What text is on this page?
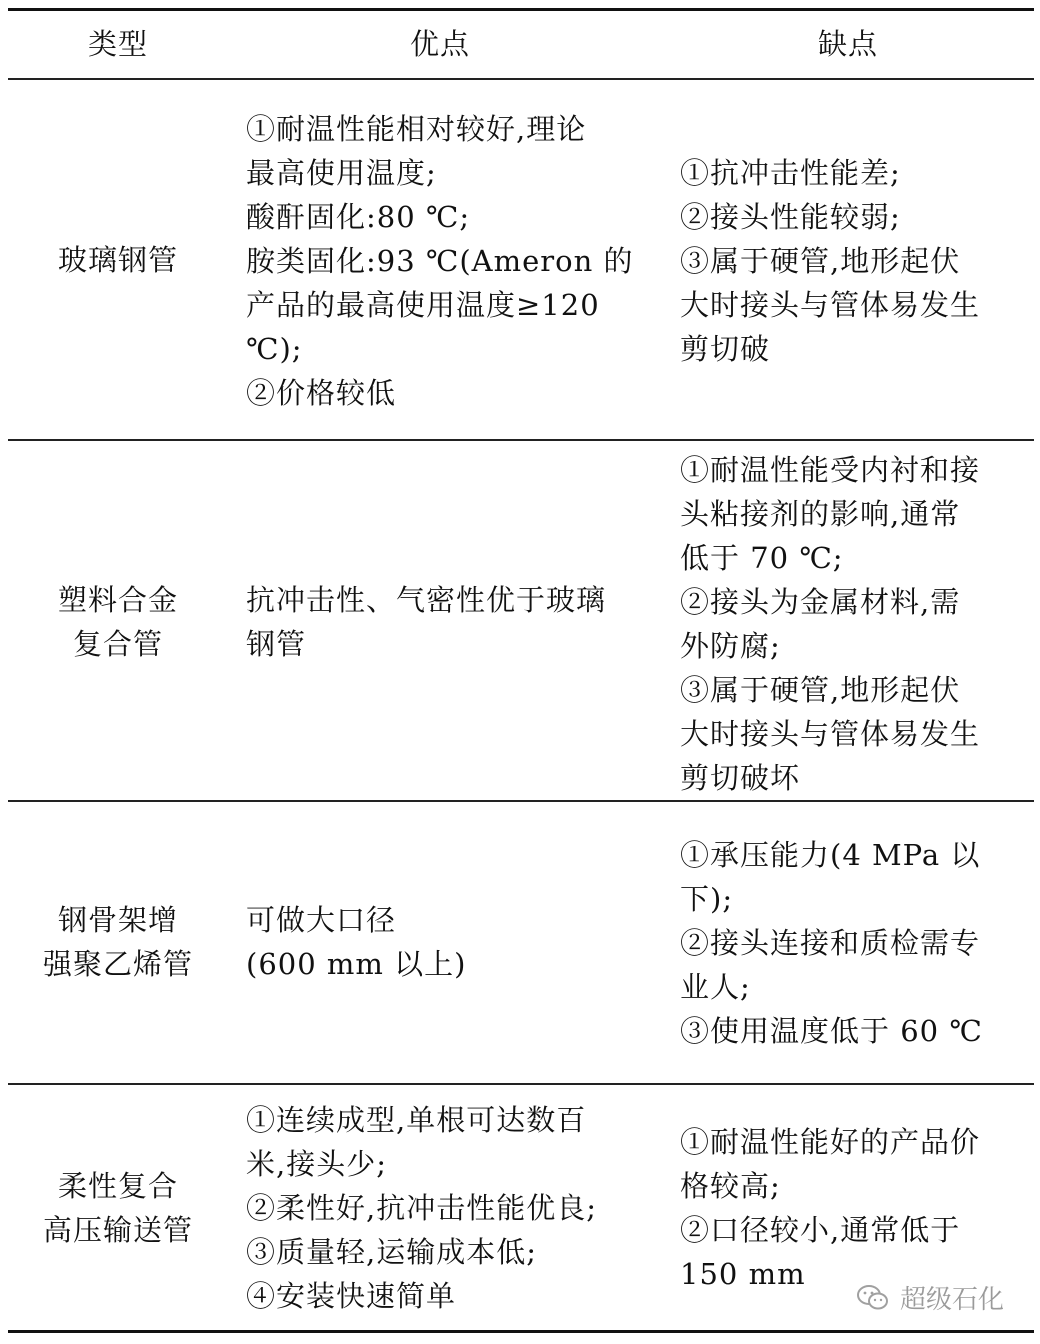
类型	优点	缺点
玻璃钢管
①耐温性能相对较好,理论
最高使用温度;
酸酐固化:80 ℃;
胺类固化:93 ℃(Ameron 的
产品的最高使用温度≥120
℃);
②价格较低
①抗冲击性能差;
②接头性能较弱;
③属于硬管,地形起伏
大时接头与管体易发生
剪切破
塑料合金
复合管
抗冲击性、气密性优于玻璃
钢管
①耐温性能受内衬和接
头粘接剂的影响,通常
低于 70 ℃;
②接头为金属材料,需
外防腐;
③属于硬管,地形起伏
大时接头与管体易发生
剪切破坏
钢骨架增
强聚乙烯管
可做大口径
(600 mm 以上)
①承压能力(4 MPa 以
下);
②接头连接和质检需专
业人;
③使用温度低于 60 ℃
柔性复合
高压输送管
①连续成型,单根可达数百
米,接头少;
②柔性好,抗冲击性能优良;
③质量轻,运输成本低;
④安装快速简单
①耐温性能好的产品价
格较高;
②口径较小,通常低于
150 mm
超级石化
